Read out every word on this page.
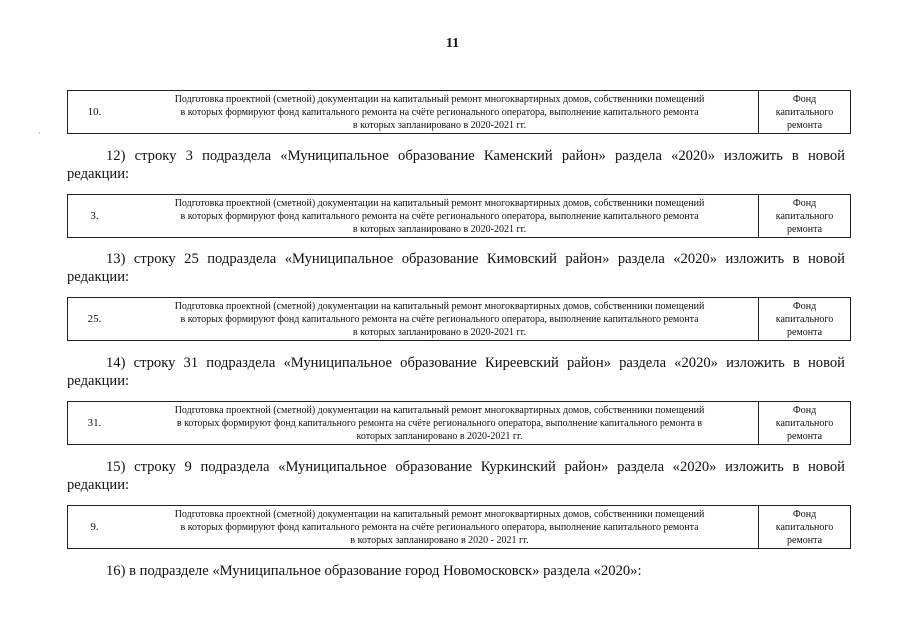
11
·
10.
Подготовка проектной (сметной) документации на капитальный ремонт многоквартирных домов, собственники помещений
в которых формируют фонд капитального ремонта на счёте регионального оператора, выполнение капитального ремонта
в которых запланировано в 2020-2021 гг.
Фонд
капитального
ремонта
12) строку 3 подраздела «Муниципальное образование Каменский район» раздела «2020» изложить в новой
редакции:
3.
Подготовка проектной (сметной) документации на капитальный ремонт многоквартирных домов, собственники помещений
в которых формируют фонд капитального ремонта на счёте регионального оператора, выполнение капитального ремонта
в которых запланировано в 2020-2021 гг.
Фонд
капитального
ремонта
13) строку 25 подраздела «Муниципальное образование Кимовский район» раздела «2020» изложить в новой
редакции:
25.
Подготовка проектной (сметной) документации на капитальный ремонт многоквартирных домов, собственники помещений
в которых формируют фонд капитального ремонта на счёте регионального оператора, выполнение капитального ремонта
в которых запланировано в 2020-2021 гг.
Фонд
капитального
ремонта
14) строку 31 подраздела «Муниципальное образование Киреевский район» раздела «2020» изложить в новой
редакции:
31.
Подготовка проектной (сметной) документации на капитальный ремонт многоквартирных домов, собственники помещений
в которых формируют фонд капитального ремонта на счёте регионального оператора, выполнение капитального ремонта в
которых запланировано в 2020-2021 гг.
Фонд
капитального
ремонта
15) строку 9 подраздела «Муниципальное образование Куркинский район» раздела «2020» изложить в новой
редакции:
9.
Подготовка проектной (сметной) документации на капитальный ремонт многоквартирных домов, собственники помещений
в которых формируют фонд капитального ремонта на счёте регионального оператора, выполнение капитального ремонта
в которых запланировано в 2020 - 2021 гг.
Фонд
капитального
ремонта
16) в подразделе «Муниципальное образование город Новомосковск» раздела «2020»:
